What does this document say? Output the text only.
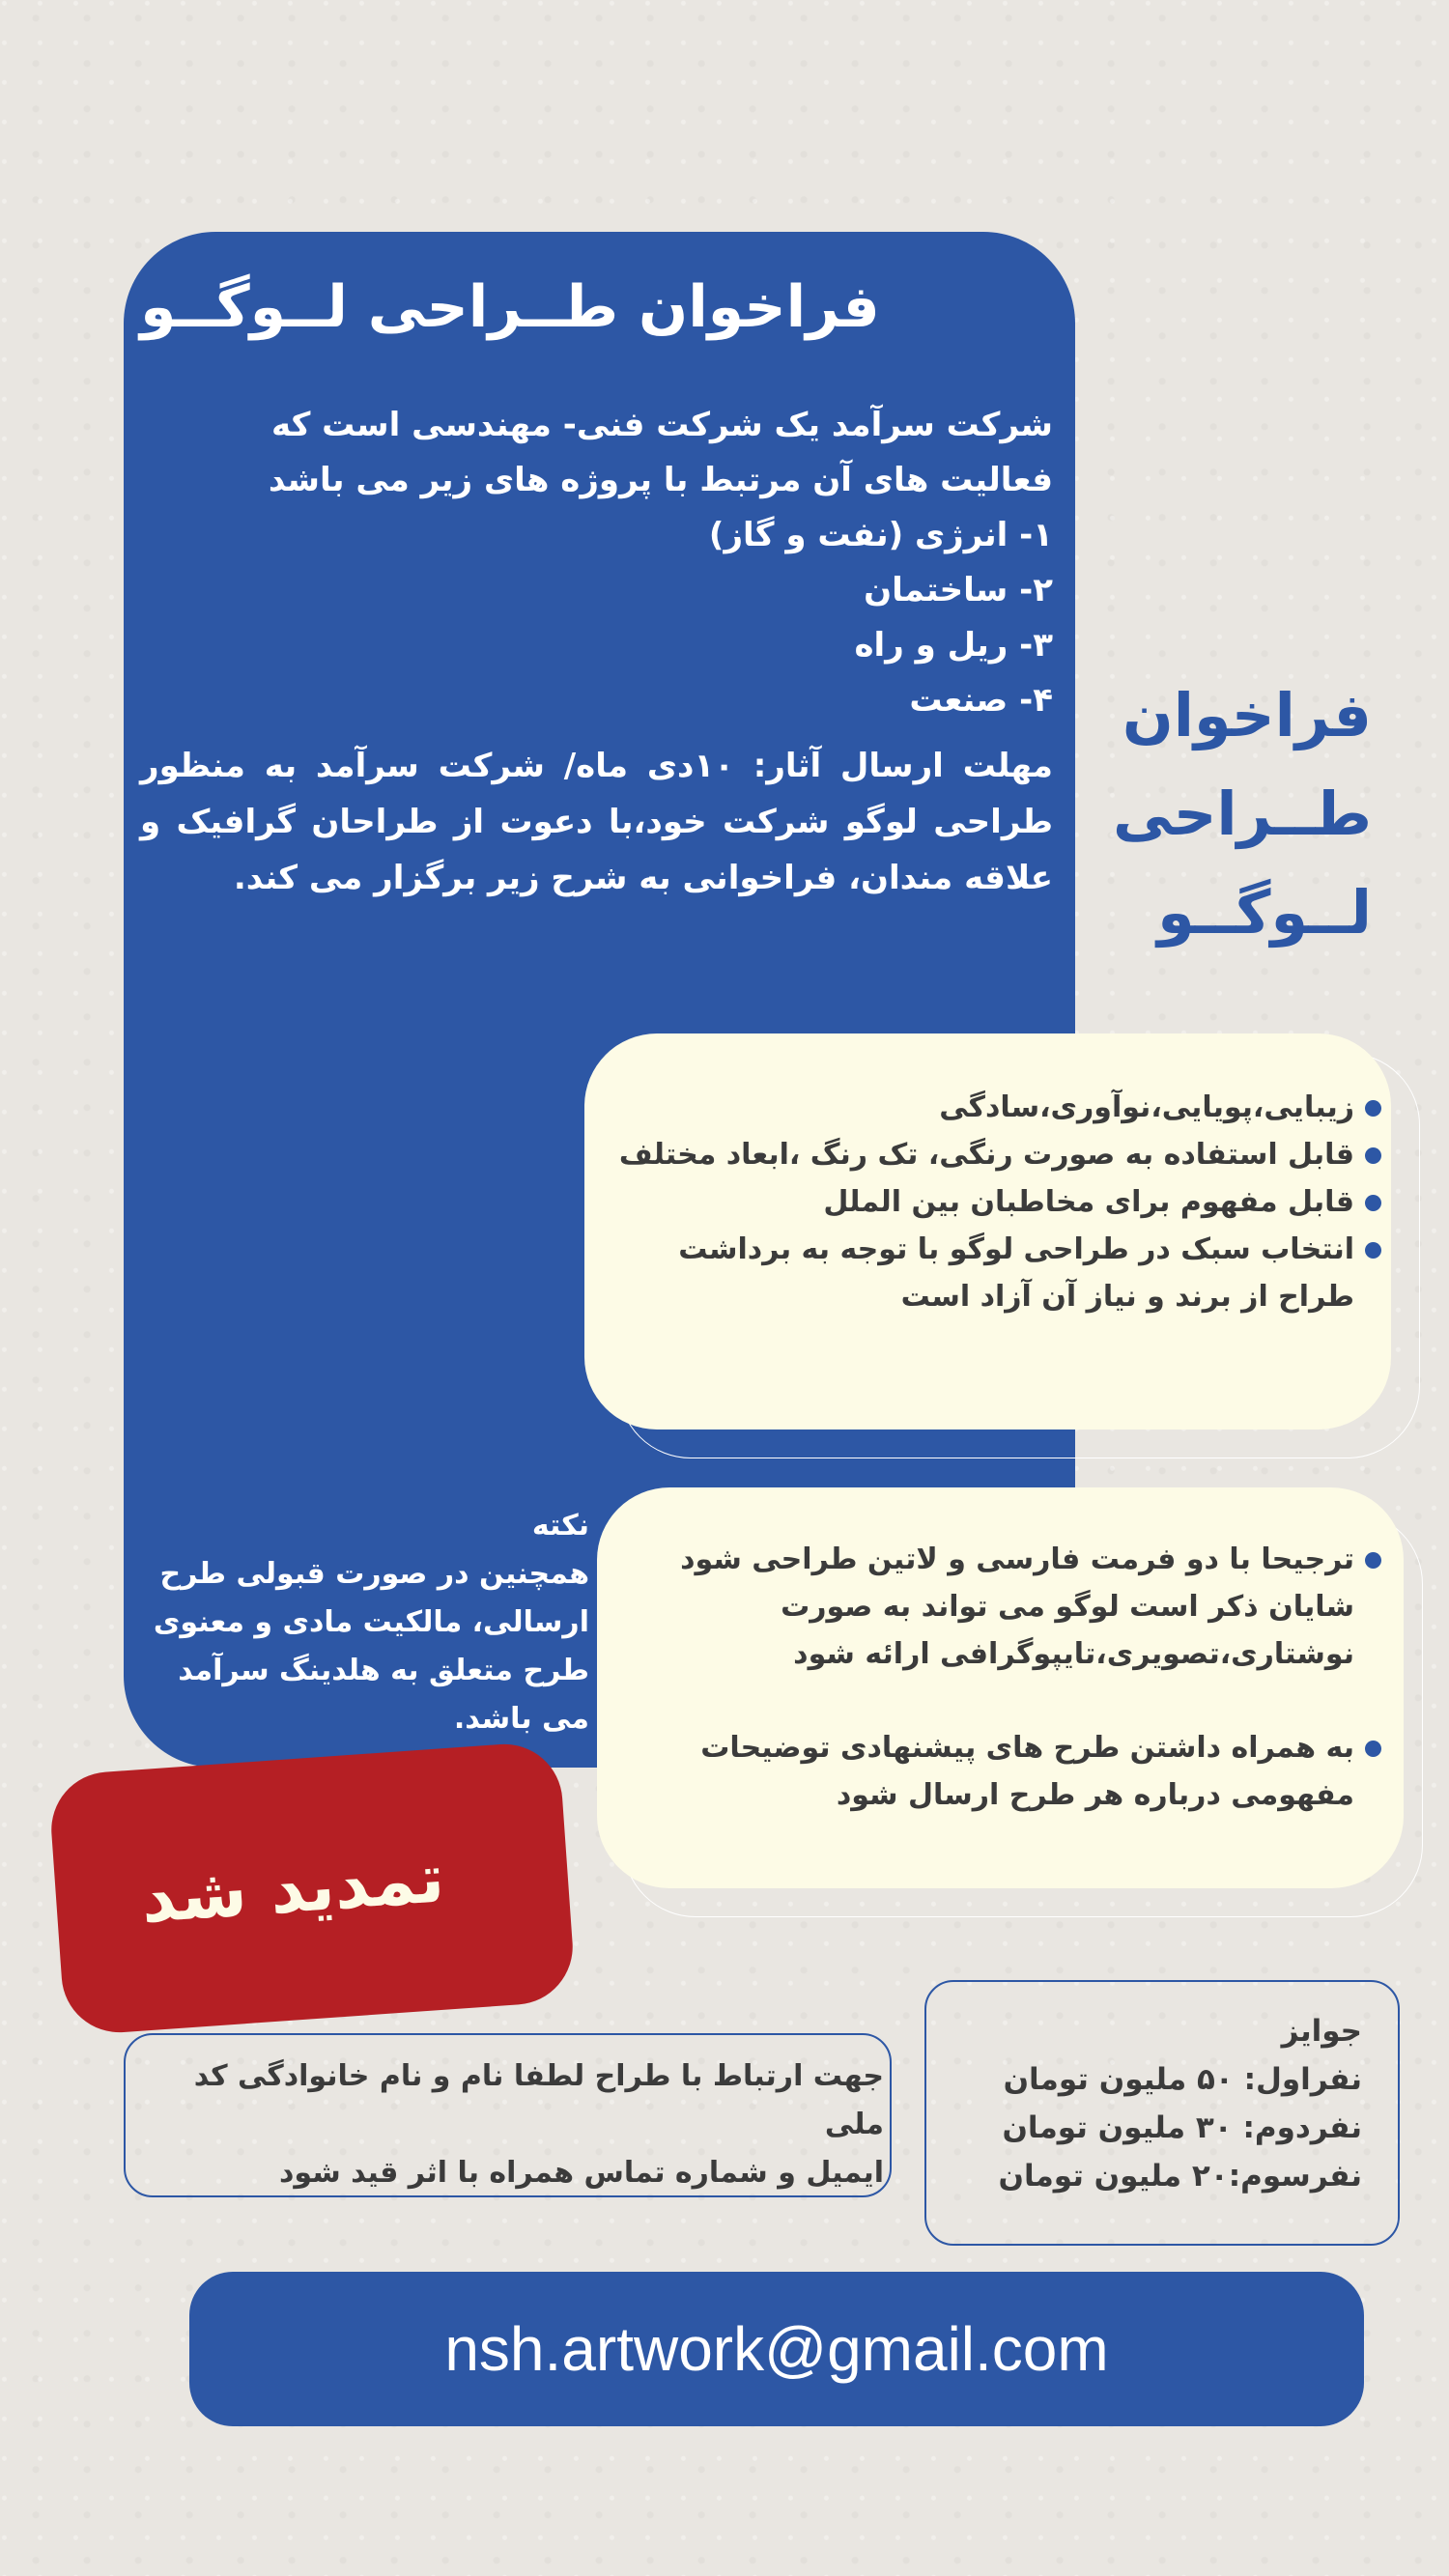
فراخوان طــراحی لــوگــو
شرکت سرآمد یک شرکت فنی- مهندسی است که
فعالیت های آن مرتبط با پروژه های زیر می باشد
۱- انرژی (نفت و گاز)
۲- ساختمان
۳- ریل و راه
۴- صنعت

مهلت ارسال آثار: ۱۰دی ماه/ شرکت سرآمد به منظور طراحی لوگو شرکت خود،با دعوت از طراحان گرافیک و علاقه مندان، فراخوانی به شرح زیر برگزار می کند.

فراخوان
طــراحی
لــوگــو
زیبایی،پویایی،نوآوری،سادگی
قابل استفاده به صورت رنگی، تک رنگ ،ابعاد مختلف
قابل مفهوم برای مخاطبان بین الملل
انتخاب سبک در طراحی لوگو با توجه به برداشت طراح از برند و نیاز آن آزاد است
نکته
همچنین در صورت قبولی طرح
ارسالی، مالکیت مادی و معنوی
طرح متعلق به هلدینگ سرآمد
می باشد.
ترجیحا با دو فرمت فارسی و لاتین طراحی شود شایان ذکر است لوگو می تواند به صورت نوشتاری،تصویری،تایپوگرافی ارائه شود
به همراه داشتن طرح های پیشنهادی توضیحات مفهومی درباره هر طرح ارسال شود
تمدید شد
جهت ارتباط با طراح لطفا نام و نام خانوادگی کد ملی
ایمیل و شماره تماس همراه با اثر قید شود
جوایز
نفراول: ۵۰ ملیون تومان
نفردوم: ۳۰ ملیون تومان
نفرسوم:۲۰ ملیون تومان
nsh.artwork@gmail.com
